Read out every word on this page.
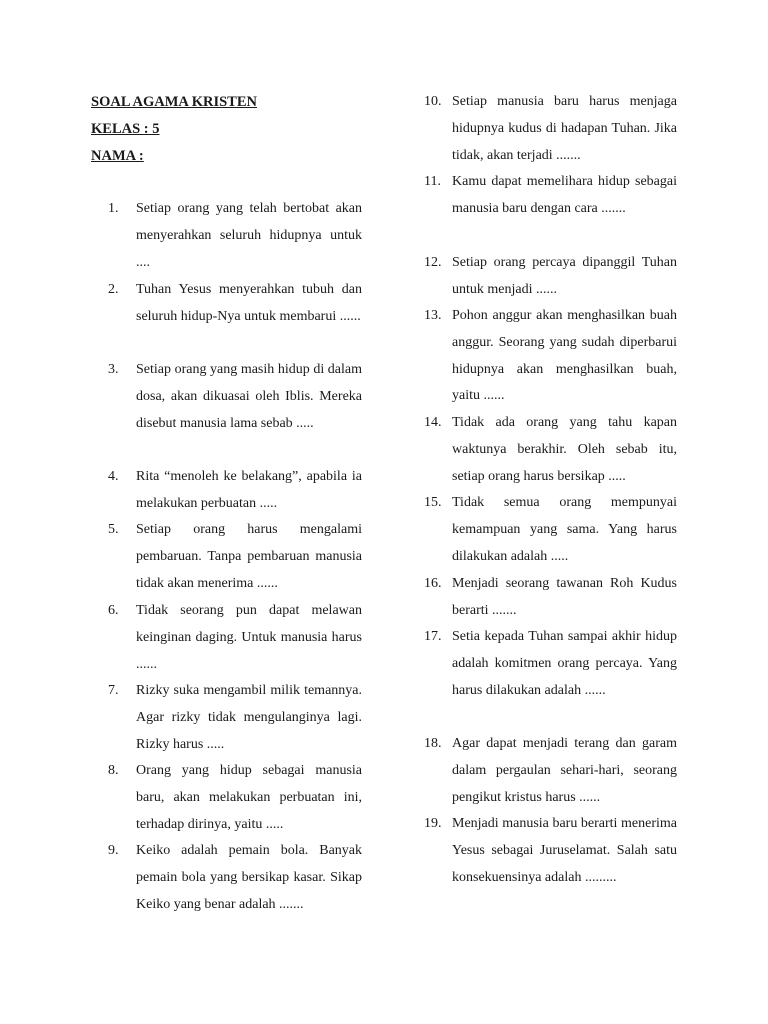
SOAL AGAMA KRISTEN
KELAS : 5
NAMA :
1.	Setiap orang yang telah bertobat akan menyerahkan seluruh hidupnya untuk ....
2.	Tuhan Yesus menyerahkan tubuh dan seluruh hidup-Nya untuk membarui ......
3.	Setiap orang yang masih hidup di dalam dosa, akan dikuasai oleh Iblis. Mereka disebut manusia lama sebab .....
4.	Rita “menoleh ke belakang”, apabila ia melakukan perbuatan .....
5.	Setiap orang harus mengalami pembaruan. Tanpa pembaruan manusia tidak akan menerima ......
6.	Tidak seorang pun dapat melawan keinginan daging. Untuk manusia harus ......
7.	Rizky suka mengambil milik temannya. Agar rizky tidak mengulanginya lagi. Rizky harus .....
8.	Orang yang hidup sebagai manusia baru, akan melakukan perbuatan ini, terhadap dirinya, yaitu .....
9.	Keiko adalah pemain bola. Banyak pemain bola yang bersikap kasar. Sikap Keiko yang benar adalah .......
10. Setiap manusia baru harus menjaga hidupnya kudus di hadapan Tuhan. Jika tidak, akan terjadi .......
11. Kamu dapat memelihara hidup sebagai manusia baru dengan cara .......
12. Setiap orang percaya dipanggil Tuhan untuk menjadi ......
13. Pohon anggur akan menghasilkan buah anggur. Seorang yang sudah diperbarui hidupnya akan menghasilkan buah, yaitu ......
14. Tidak ada orang yang tahu kapan waktunya berakhir. Oleh sebab itu, setiap orang harus bersikap .....
15. Tidak semua orang mempunyai kemampuan yang sama. Yang harus dilakukan adalah .....
16. Menjadi seorang tawanan Roh Kudus berarti .......
17. Setia kepada Tuhan sampai akhir hidup adalah komitmen orang percaya. Yang harus dilakukan adalah ......
18. Agar dapat menjadi terang dan garam dalam pergaulan sehari-hari, seorang pengikut kristus harus ......
19. Menjadi manusia baru berarti menerima Yesus sebagai Juruselamat. Salah satu konsekuensinya adalah .........
